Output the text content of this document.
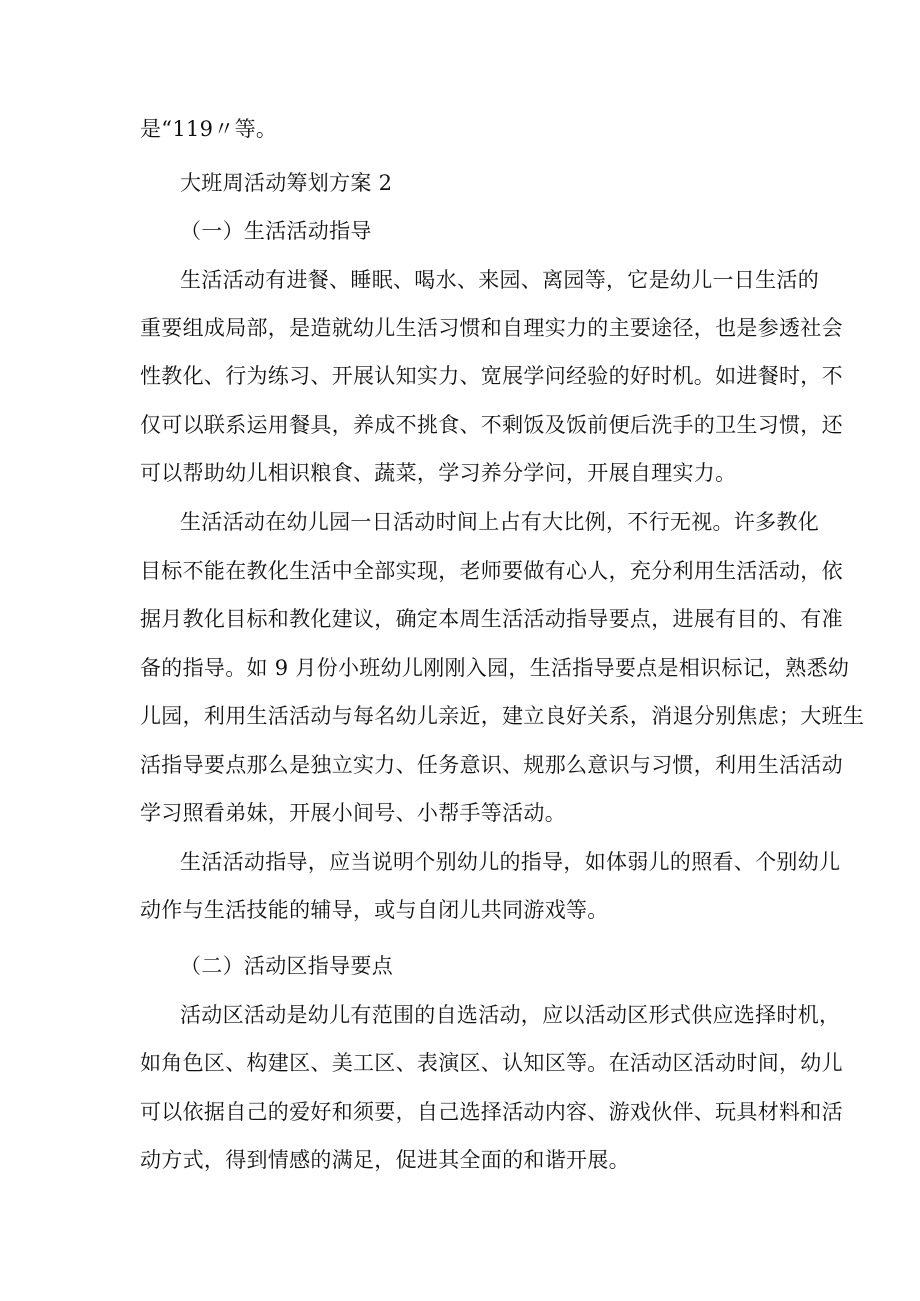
是“119〃等。
大班周活动筹划方案 2
（一）生活活动指导
生活活动有进餐、睡眠、喝水、来园、离园等，它是幼儿一日生活的
重要组成局部，是造就幼儿生活习惯和自理实力的主要途径，也是参透社会
性教化、行为练习、开展认知实力、宽展学问经验的好时机。如进餐时，不
仅可以联系运用餐具，养成不挑食、不剩饭及饭前便后洗手的卫生习惯，还
可以帮助幼儿相识粮食、蔬菜，学习养分学问，开展自理实力。
生活活动在幼儿园一日活动时间上占有大比例，不行无视。许多教化
目标不能在教化生活中全部实现，老师要做有心人，充分利用生活活动，依
据月教化目标和教化建议，确定本周生活活动指导要点，进展有目的、有准
备的指导。如 9 月份小班幼儿刚刚入园，生活指导要点是相识标记，熟悉幼
儿园，利用生活活动与每名幼儿亲近，建立良好关系，消退分别焦虑；大班生
活指导要点那么是独立实力、任务意识、规那么意识与习惯，利用生活活动
学习照看弟妹，开展小间号、小帮手等活动。
生活活动指导，应当说明个别幼儿的指导，如体弱儿的照看、个别幼儿
动作与生活技能的辅导，或与自闭儿共同游戏等。
（二）活动区指导要点
活动区活动是幼儿有范围的自选活动，应以活动区形式供应选择时机，
如角色区、构建区、美工区、表演区、认知区等。在活动区活动时间，幼儿
可以依据自己的爱好和须要，自己选择活动内容、游戏伙伴、玩具材料和活
动方式，得到情感的满足，促进其全面的和谐开展。
